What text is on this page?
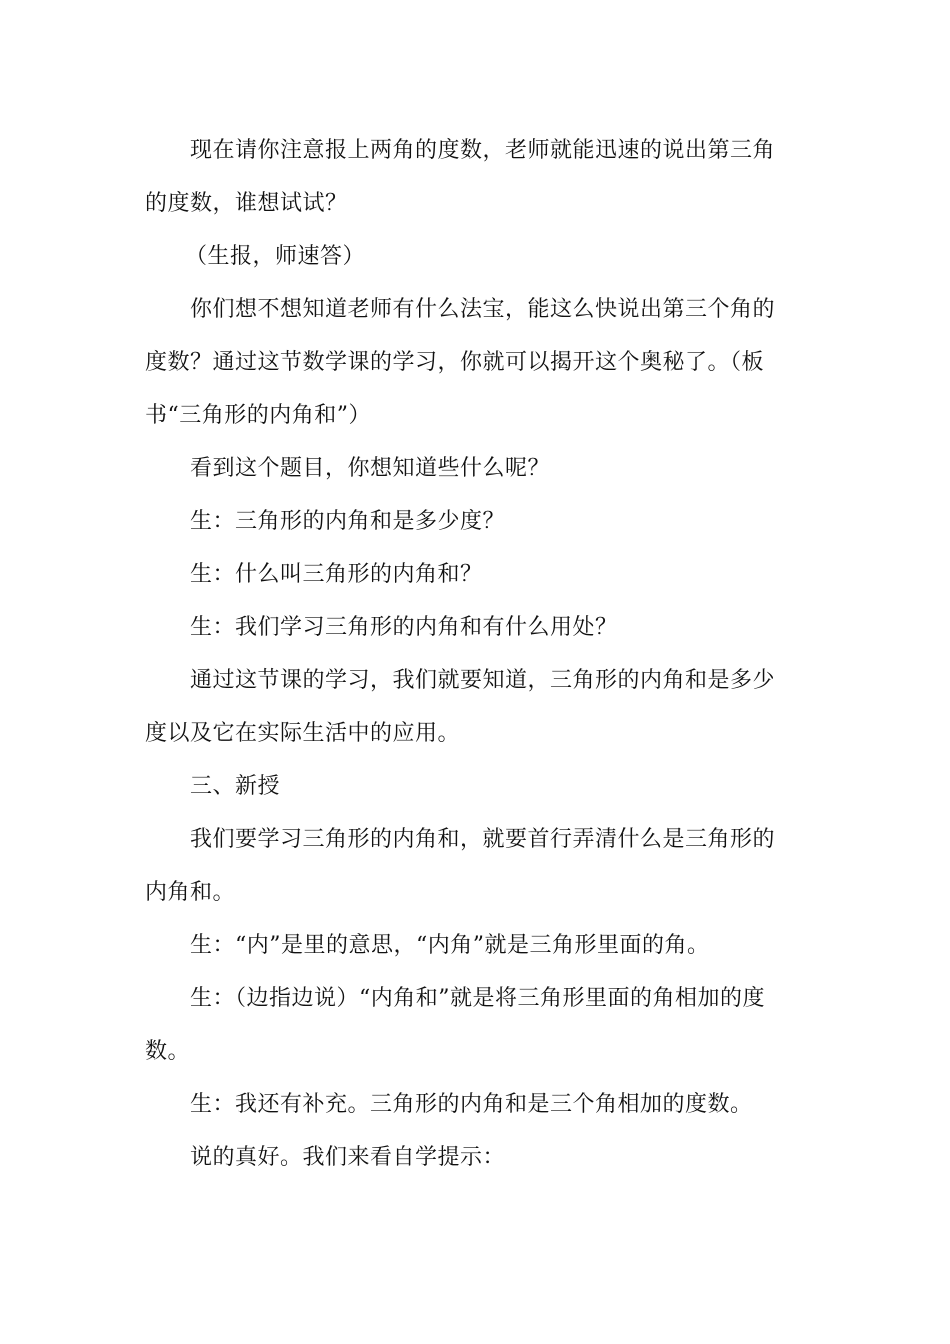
现在请你注意报上两角的度数，老师就能迅速的说出第三角的度数，谁想试试？

（生报，师速答）

你们想不想知道老师有什么法宝，能这么快说出第三个角的度数？通过这节数学课的学习，你就可以揭开这个奥秘了。（板书“三角形的内角和”）

看到这个题目，你想知道些什么呢？

生：三角形的内角和是多少度？

生：什么叫三角形的内角和？

生：我们学习三角形的内角和有什么用处？

通过这节课的学习，我们就要知道，三角形的内角和是多少度以及它在实际生活中的应用。

三、新授

我们要学习三角形的内角和，就要首行弄清什么是三角形的内角和。

生：“内”是里的意思，“内角”就是三角形里面的角。

生：（边指边说）“内角和”就是将三角形里面的角相加的度数。

生：我还有补充。三角形的内角和是三个角相加的度数。

说的真好。我们来看自学提示：
